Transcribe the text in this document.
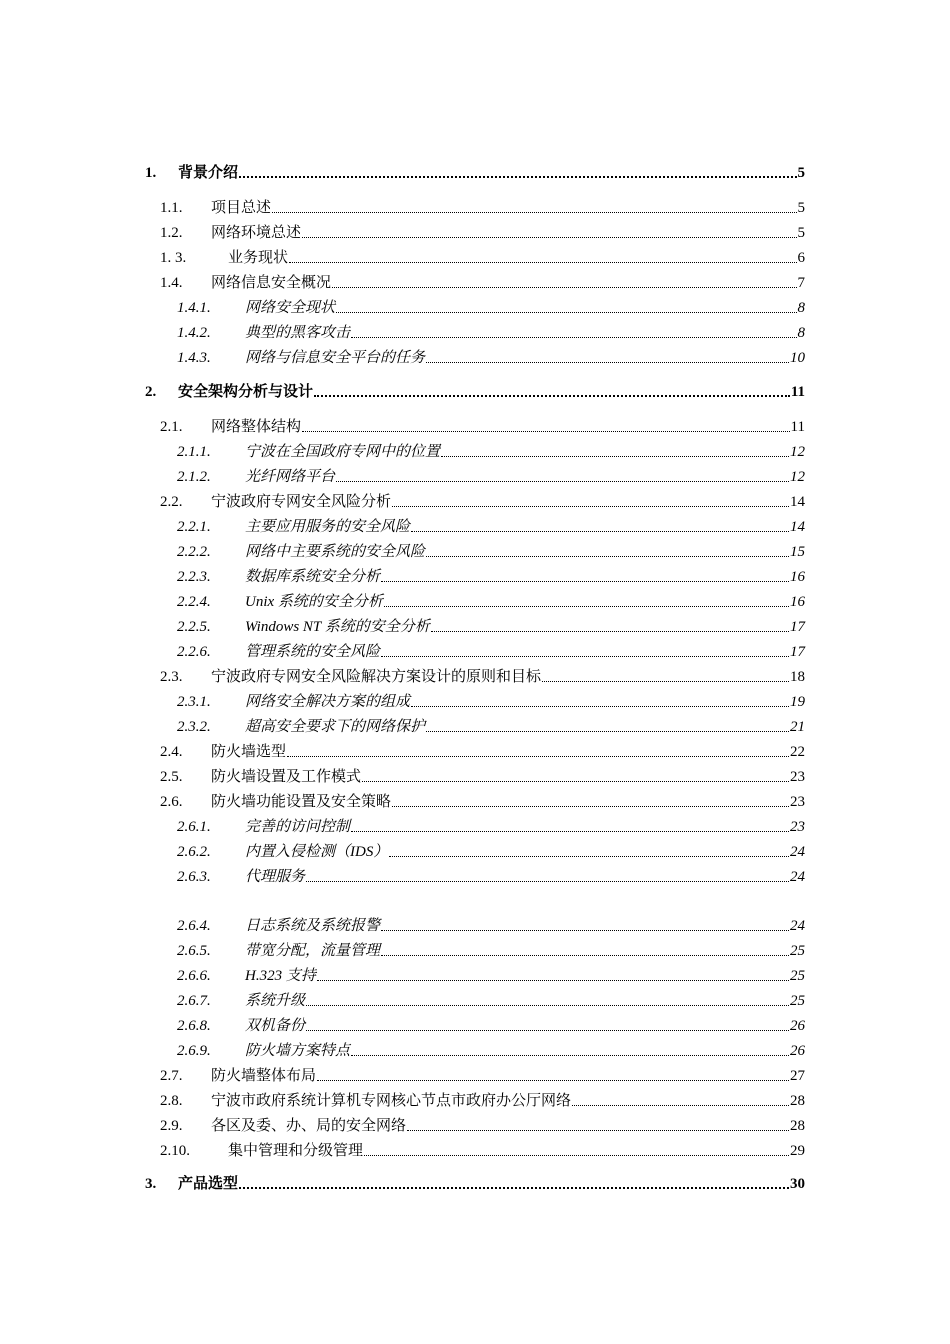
1.	背景介绍	5
1.1.	项目总述	5
1.2.	网络环境总述	5
1. 3.	业务现状	6
1.4.	网络信息安全概况	7
1.4.1.	网络安全现状	8
1.4.2.	典型的黑客攻击	8
1.4.3.	网络与信息安全平台的任务	10
2.	安全架构分析与设计	11
2.1.	网络整体结构	11
2.1.1.	宁波在全国政府专网中的位置	12
2.1.2.	光纤网络平台	12
2.2.	宁波政府专网安全风险分析	14
2.2.1.	主要应用服务的安全风险	14
2.2.2.	网络中主要系统的安全风险	15
2.2.3.	数据库系统安全分析	16
2.2.4.	Unix 系统的安全分析	16
2.2.5.	Windows NT 系统的安全分析	17
2.2.6.	管理系统的安全风险	17
2.3.	宁波政府专网安全风险解决方案设计的原则和目标	18
2.3.1.	网络安全解决方案的组成	19
2.3.2.	超高安全要求下的网络保护	21
2.4.	防火墙选型	22
2.5.	防火墙设置及工作模式	23
2.6.	防火墙功能设置及安全策略	23
2.6.1.	完善的访问控制	23
2.6.2.	内置入侵检测（IDS）	24
2.6.3.	代理服务	24
2.6.4.	日志系统及系统报警	24
2.6.5.	带宽分配，流量管理	25
2.6.6.	H.323 支持	25
2.6.7.	系统升级	25
2.6.8.	双机备份	26
2.6.9.	防火墙方案特点	26
2.7.	防火墙整体布局	27
2.8.	宁波市政府系统计算机专网核心节点市政府办公厅网络	28
2.9.	各区及委、办、局的安全网络	28
2.10.	集中管理和分级管理	29
3.	产品选型	30
